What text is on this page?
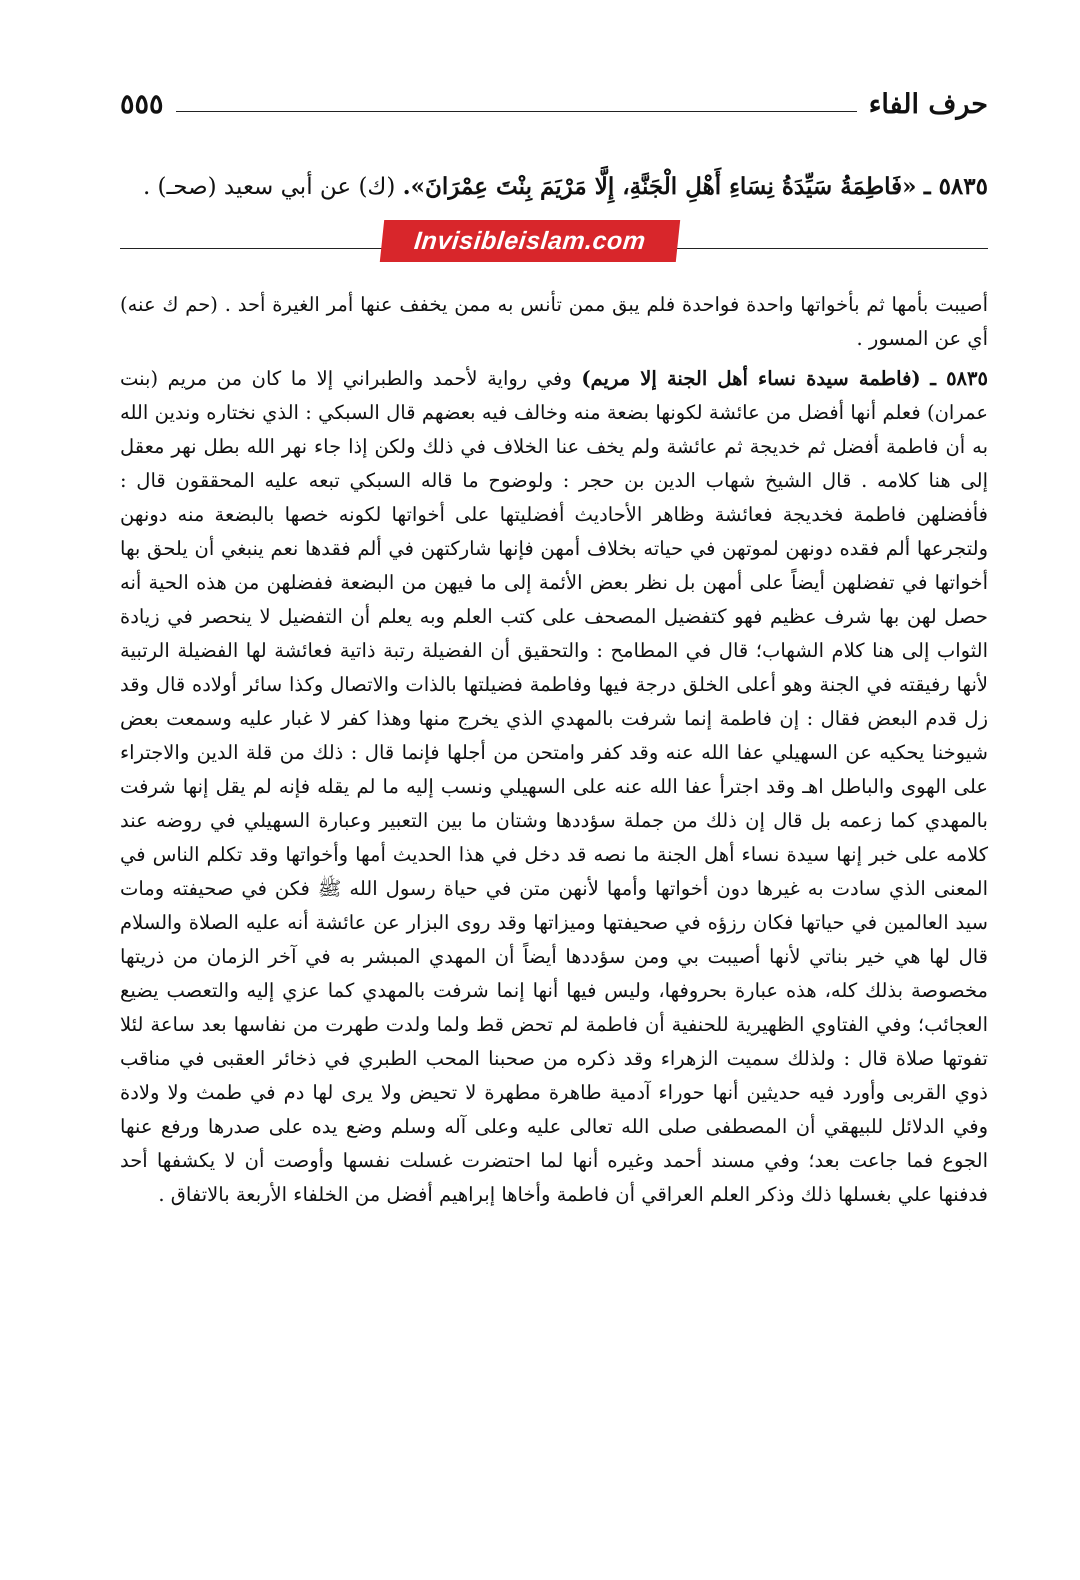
حرف الفاء
٥٥٥

٥٨٣٥ ـ «فَاطِمَةُ سَيِّدَةُ نِسَاءِ أَهْلِ الْجَنَّةِ، إِلَّا مَرْيَمَ بِنْتَ عِمْرَانَ». (ك) عن أبي سعيد (صحـ) .

Invisibleislam.com

أصيبت بأمها ثم بأخواتها واحدة فواحدة فلم يبق ممن تأنس به ممن يخفف عنها أمر الغيرة أحد . (حم ك عنه) أي عن المسور .

٥٨٣٥ ـ (فاطمة سيدة نساء أهل الجنة إلا مريم) وفي رواية لأحمد والطبراني إلا ما كان من مريم (بنت عمران) فعلم أنها أفضل من عائشة لكونها بضعة منه وخالف فيه بعضهم قال السبكي : الذي نختاره وندين الله به أن فاطمة أفضل ثم خديجة ثم عائشة ولم يخف عنا الخلاف في ذلك ولكن إذا جاء نهر الله بطل نهر معقل إلى هنا كلامه . قال الشيخ شهاب الدين بن حجر : ولوضوح ما قاله السبكي تبعه عليه المحققون قال : فأفضلهن فاطمة فخديجة فعائشة وظاهر الأحاديث أفضليتها على أخواتها لكونه خصها بالبضعة منه دونهن ولتجرعها ألم فقده دونهن لموتهن في حياته بخلاف أمهن فإنها شاركتهن في ألم فقدها نعم ينبغي أن يلحق بها أخواتها في تفضلهن أيضاً على أمهن بل نظر بعض الأئمة إلى ما فيهن من البضعة ففضلهن من هذه الحية أنه حصل لهن بها شرف عظيم فهو كتفضيل المصحف على كتب العلم وبه يعلم أن التفضيل لا ينحصر في زيادة الثواب إلى هنا كلام الشهاب؛ قال في المطامح : والتحقيق أن الفضيلة رتبة ذاتية فعائشة لها الفضيلة الرتبية لأنها رفيقته في الجنة وهو أعلى الخلق درجة فيها وفاطمة فضيلتها بالذات والاتصال وكذا سائر أولاده قال وقد زل قدم البعض فقال : إن فاطمة إنما شرفت بالمهدي الذي يخرج منها وهذا كفر لا غبار عليه وسمعت بعض شيوخنا يحكيه عن السهيلي عفا الله عنه وقد كفر وامتحن من أجلها فإنما قال : ذلك من قلة الدين والاجتراء على الهوى والباطل اهـ وقد اجترأ عفا الله عنه على السهيلي ونسب إليه ما لم يقله فإنه لم يقل إنها شرفت بالمهدي كما زعمه بل قال إن ذلك من جملة سؤددها وشتان ما بين التعبير وعبارة السهيلي في روضه عند كلامه على خبر إنها سيدة نساء أهل الجنة ما نصه قد دخل في هذا الحديث أمها وأخواتها وقد تكلم الناس في المعنى الذي سادت به غيرها دون أخواتها وأمها لأنهن متن في حياة رسول الله ﷺ فكن في صحيفته ومات سيد العالمين في حياتها فكان رزؤه في صحيفتها وميزاتها وقد روى البزار عن عائشة أنه عليه الصلاة والسلام قال لها هي خير بناتي لأنها أصيبت بي ومن سؤددها أيضاً أن المهدي المبشر به في آخر الزمان من ذريتها مخصوصة بذلك كله، هذه عبارة بحروفها، وليس فيها أنها إنما شرفت بالمهدي كما عزي إليه والتعصب يضيع العجائب؛ وفي الفتاوي الظهيرية للحنفية أن فاطمة لم تحض قط ولما ولدت طهرت من نفاسها بعد ساعة لئلا تفوتها صلاة قال : ولذلك سميت الزهراء وقد ذكره من صحبنا المحب الطبري في ذخائر العقبى في مناقب ذوي القربى وأورد فيه حديثين أنها حوراء آدمية طاهرة مطهرة لا تحيض ولا يرى لها دم في طمث ولا ولادة وفي الدلائل للبيهقي أن المصطفى صلى الله تعالى عليه وعلى آله وسلم وضع يده على صدرها ورفع عنها الجوع فما جاعت بعد؛ وفي مسند أحمد وغيره أنها لما احتضرت غسلت نفسها وأوصت أن لا يكشفها أحد فدفنها علي بغسلها ذلك وذكر العلم العراقي أن فاطمة وأخاها إبراهيم أفضل من الخلفاء الأربعة بالاتفاق .
